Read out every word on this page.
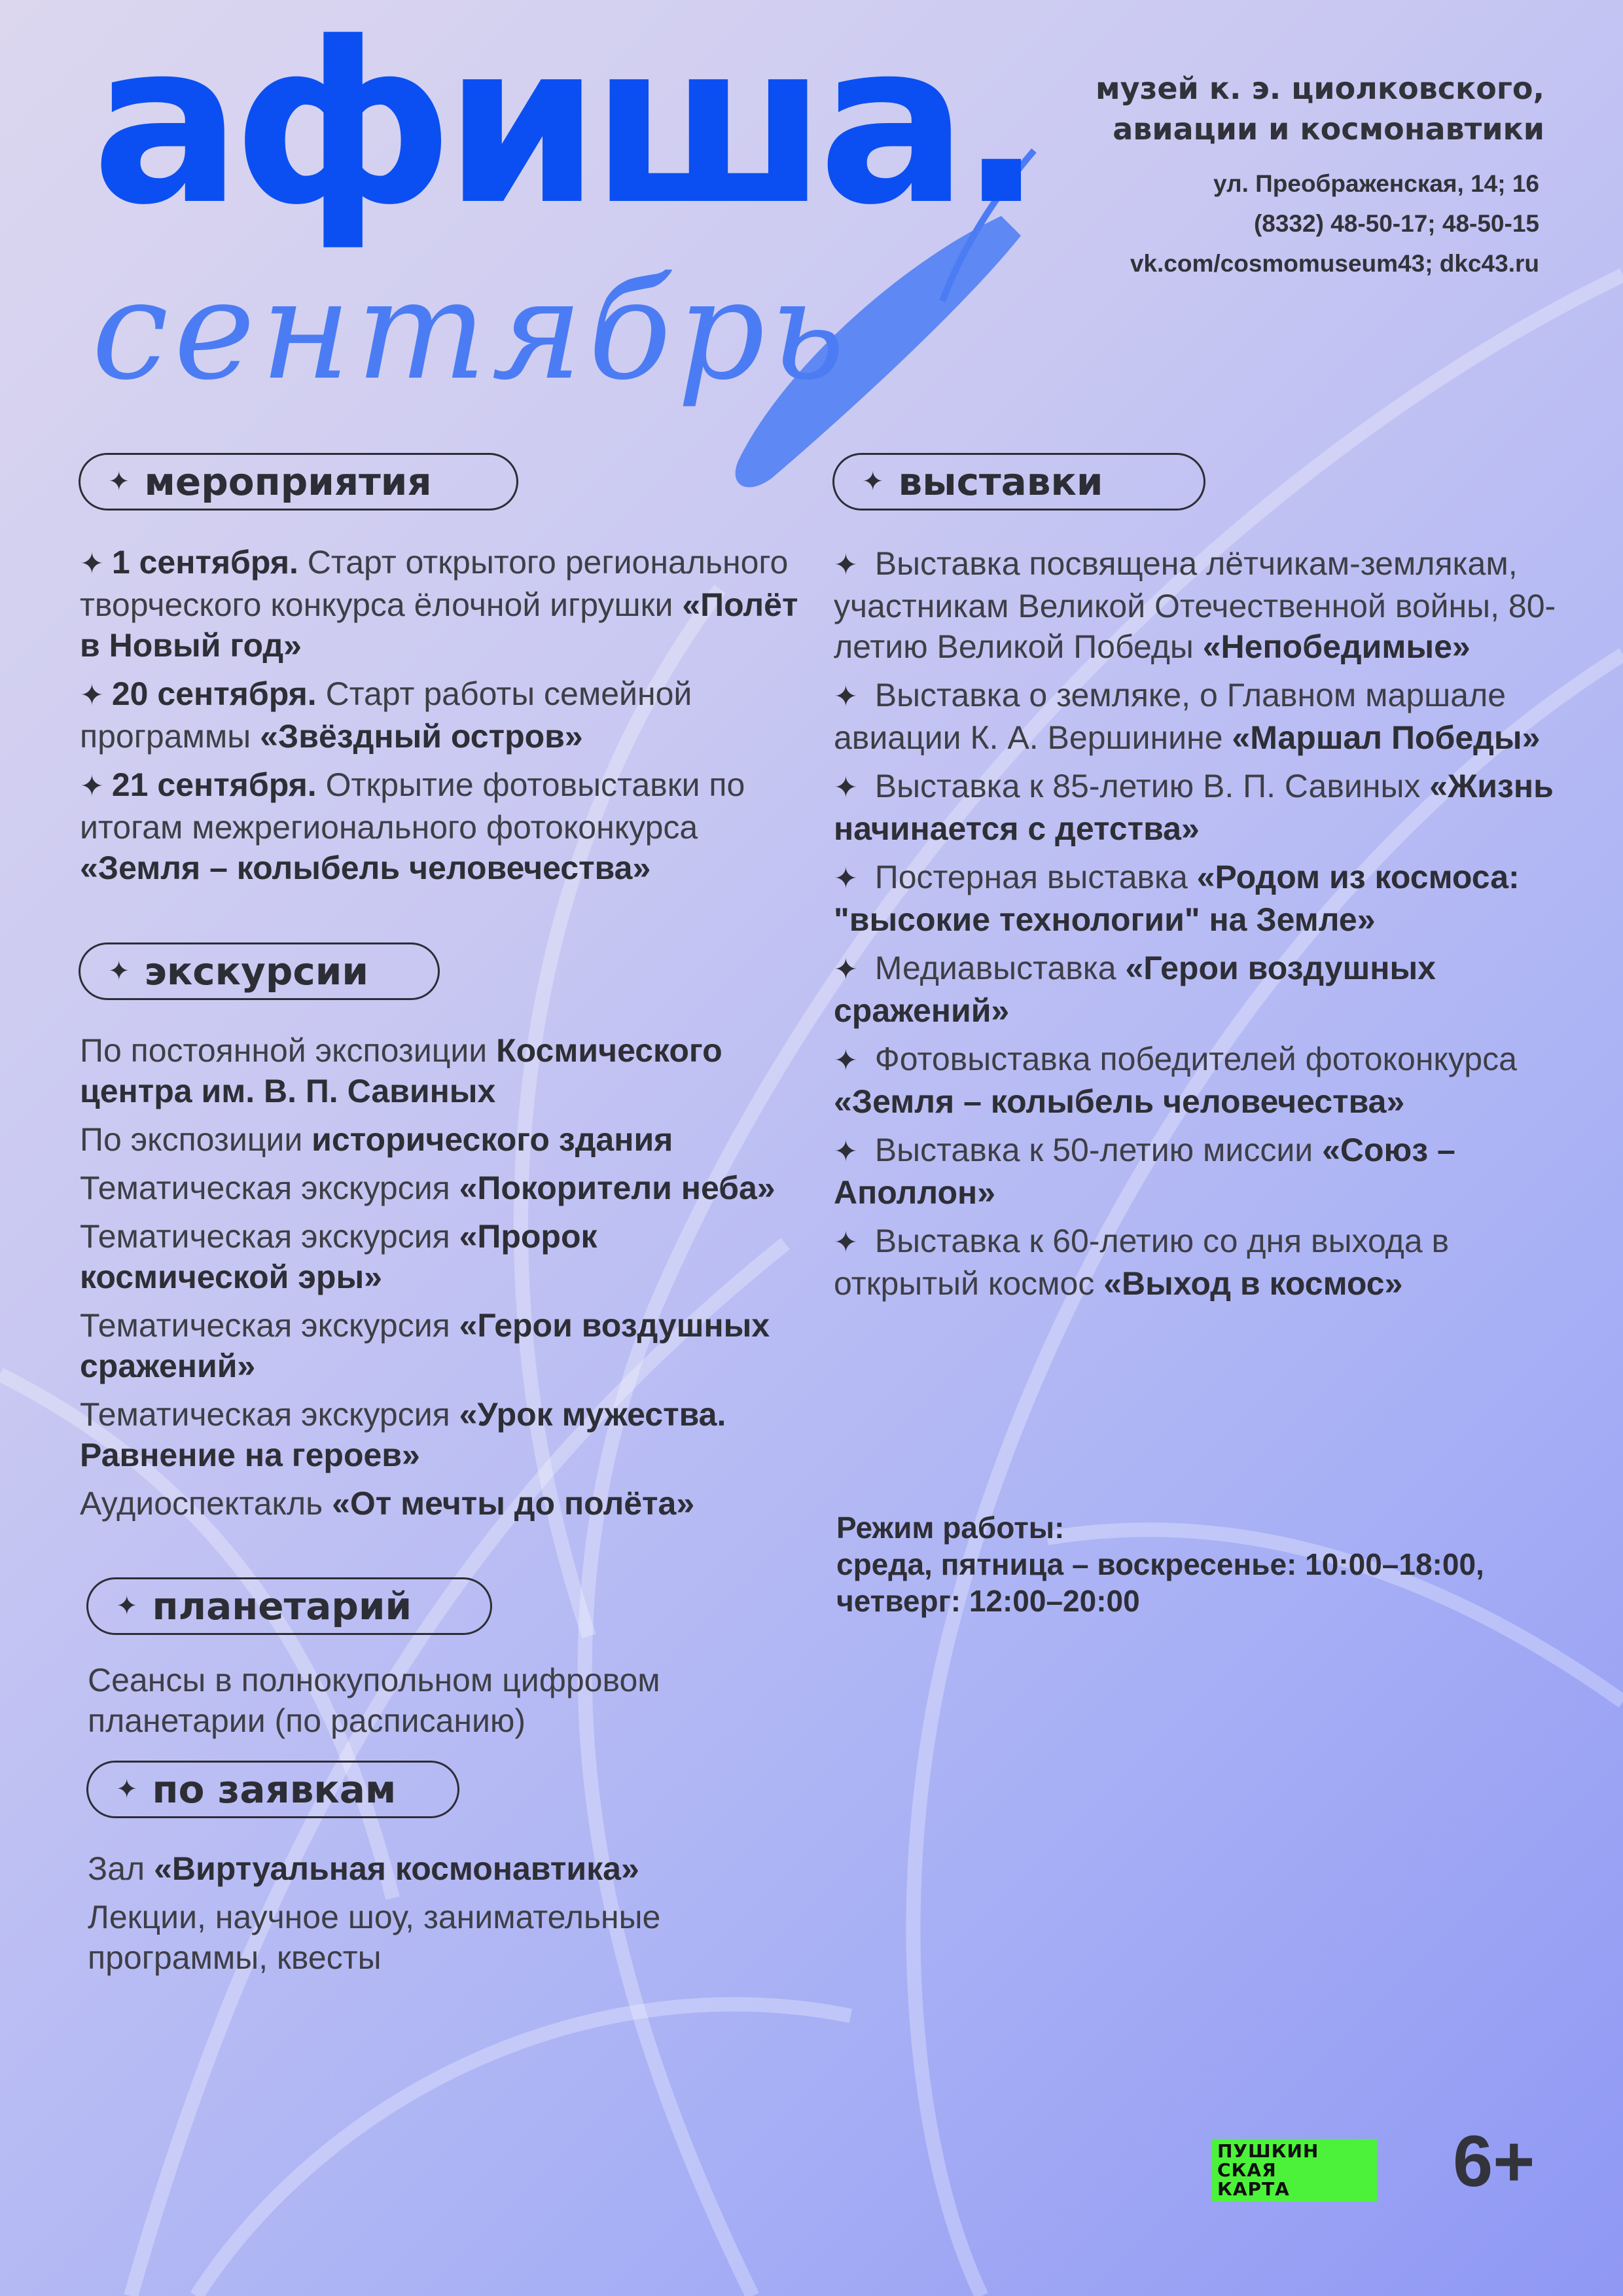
афиша.
сентябрь
музей к. э. циолковского,
авиации и космонавтики
ул. Преображенская, 14; 16
(8332) 48-50-17; 48-50-15
vk.com/cosmomuseum43; dkc43.ru
✦ мероприятия	✦ выставки
✦ экскурсии
✦ планетарий
✦ по заявкам

✦ 1 сентября. Старт открытого регионального творческого конкурса ёлочной игрушки «Полёт в Новый год»

✦ 20 сентября. Старт работы семейной программы «Звёздный остров»

✦ 21 сентября. Открытие фотовыставки по итогам межрегионального фотоконкурса «Земля – колыбель человечества»

По постоянной экспозиции Космического центра им. В. П. Савиных

По экспозиции исторического здания

Тематическая экскурсия «Покорители неба»

Тематическая экскурсия «Пророк космической эры»

Тематическая экскурсия «Герои воздушных сражений»

Тематическая экскурсия «Урок мужества. Равнение на героев»

Аудиоспектакль «От мечты до полёта»

Сеансы в полнокупольном цифровом планетарии (по расписанию)

Зал «Виртуальная космонавтика»

Лекции, научное шоу, занимательные программы, квесты

✦ Выставка посвящена лётчикам-землякам, участникам Великой Отечественной войны, 80-летию Великой Победы «Непобедимые»

✦ Выставка о земляке, о Главном маршале авиации К. А. Вершинине «Маршал Победы»

✦ Выставка к 85-летию В. П. Савиных «Жизнь начинается с детства»

✦ Постерная выставка «Родом из космоса: "высокие технологии" на Земле»

✦ Медиавыставка «Герои воздушных сражений»

✦ Фотовыставка победителей фотоконкурса «Земля – колыбель человечества»

✦ Выставка к 50-летию миссии «Союз – Аполлон»

✦ Выставка к 60-летию со дня выхода в открытый космос «Выход в космос»

Режим работы:
среда, пятница – воскресенье: 10:00–18:00,
четверг: 12:00–20:00
ПУШКИН
СКАЯ
КАРТА	6+
